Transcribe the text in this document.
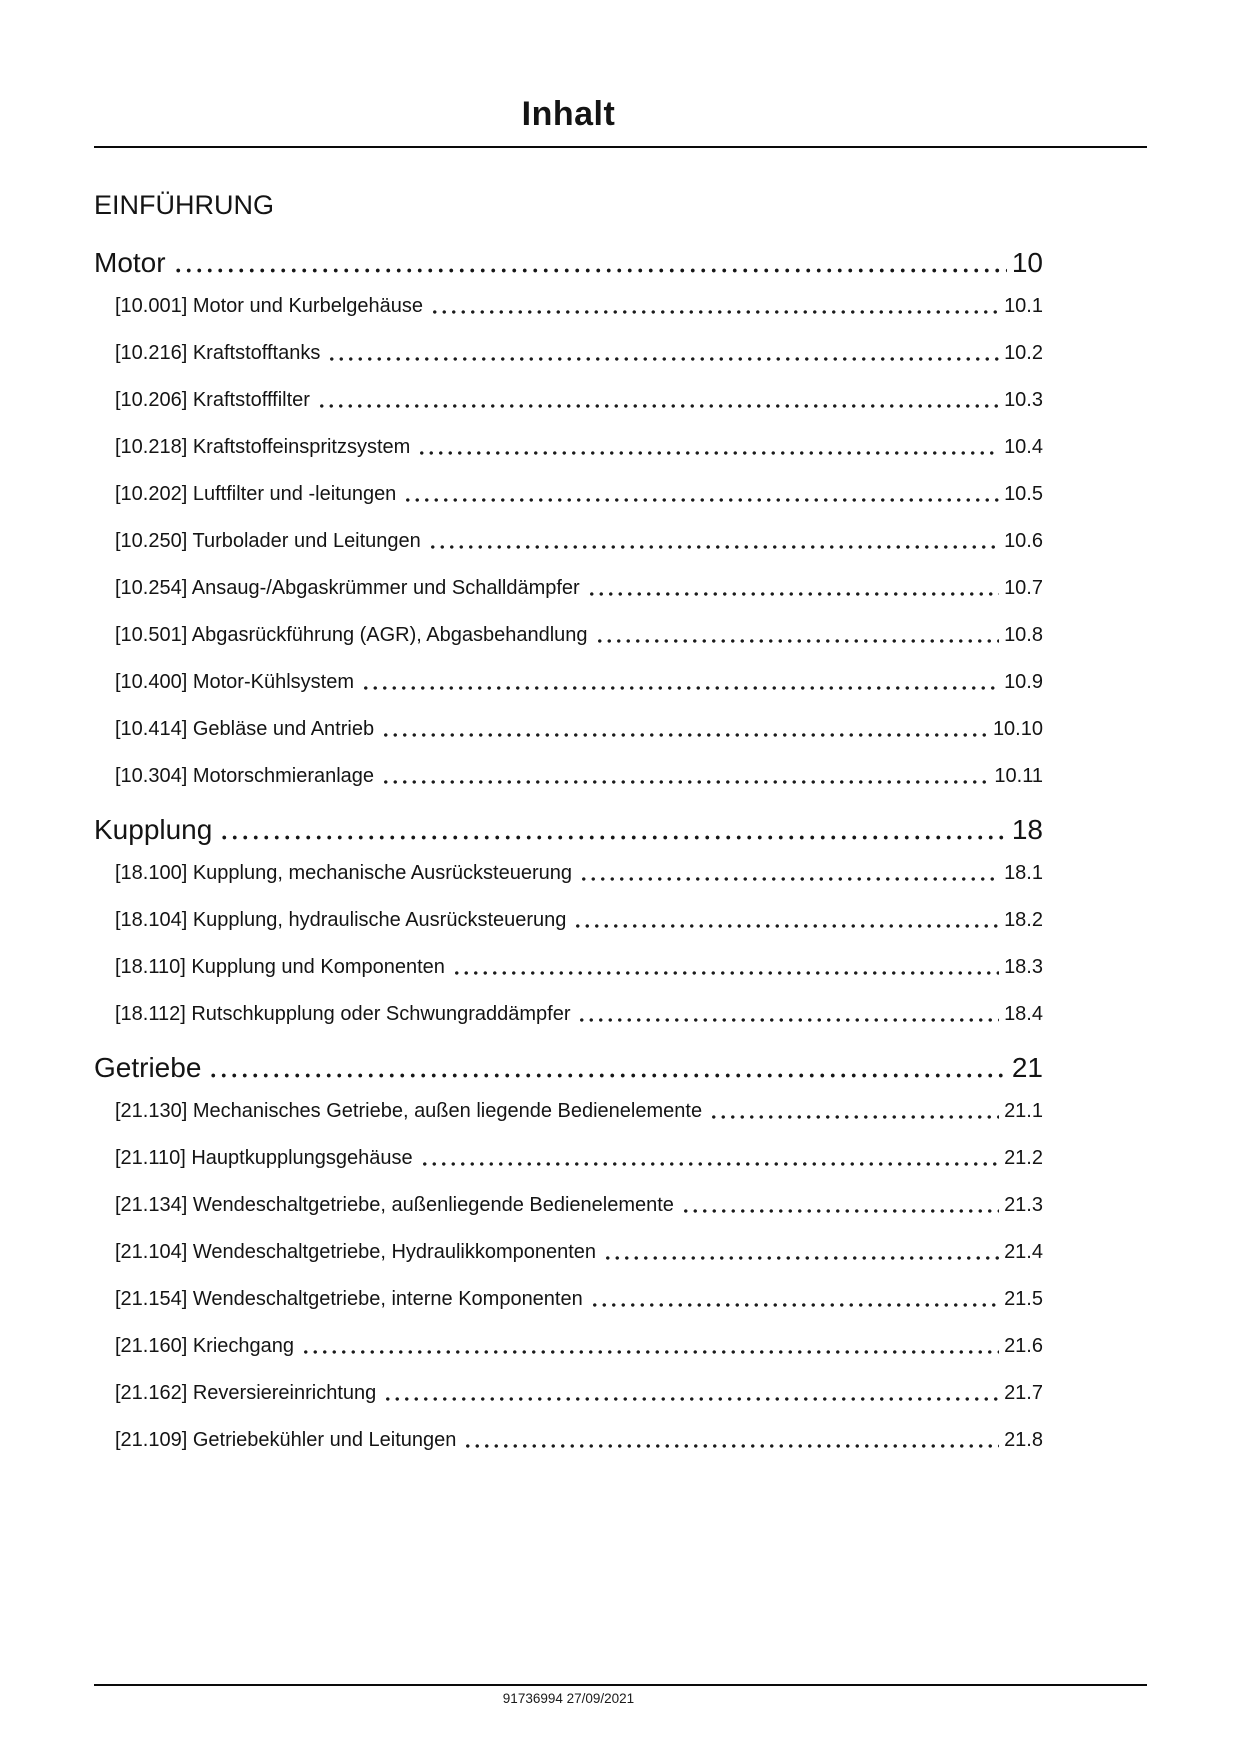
Inhalt
EINFÜHRUNG
Motor	10
[10.001] Motor und Kurbelgehäuse	10.1
[10.216] Kraftstofftanks	10.2
[10.206] Kraftstofffilter	10.3
[10.218] Kraftstoffeinspritzsystem	10.4
[10.202] Luftfilter und -leitungen	10.5
[10.250] Turbolader und Leitungen	10.6
[10.254] Ansaug-/Abgaskrümmer und Schalldämpfer	10.7
[10.501] Abgasrückführung (AGR), Abgasbehandlung	10.8
[10.400] Motor-Kühlsystem	10.9
[10.414] Gebläse und Antrieb	10.10
[10.304] Motorschmieranlage	10.11
Kupplung	18
[18.100] Kupplung, mechanische Ausrücksteuerung	18.1
[18.104] Kupplung, hydraulische Ausrücksteuerung	18.2
[18.110] Kupplung und Komponenten	18.3
[18.112] Rutschkupplung oder Schwungraddämpfer	18.4
Getriebe	21
[21.130] Mechanisches Getriebe, außen liegende Bedienelemente	21.1
[21.110] Hauptkupplungsgehäuse	21.2
[21.134] Wendeschaltgetriebe, außenliegende Bedienelemente	21.3
[21.104] Wendeschaltgetriebe, Hydraulikkomponenten	21.4
[21.154] Wendeschaltgetriebe, interne Komponenten	21.5
[21.160] Kriechgang	21.6
[21.162] Reversiereinrichtung	21.7
[21.109] Getriebekühler und Leitungen	21.8
91736994 27/09/2021
